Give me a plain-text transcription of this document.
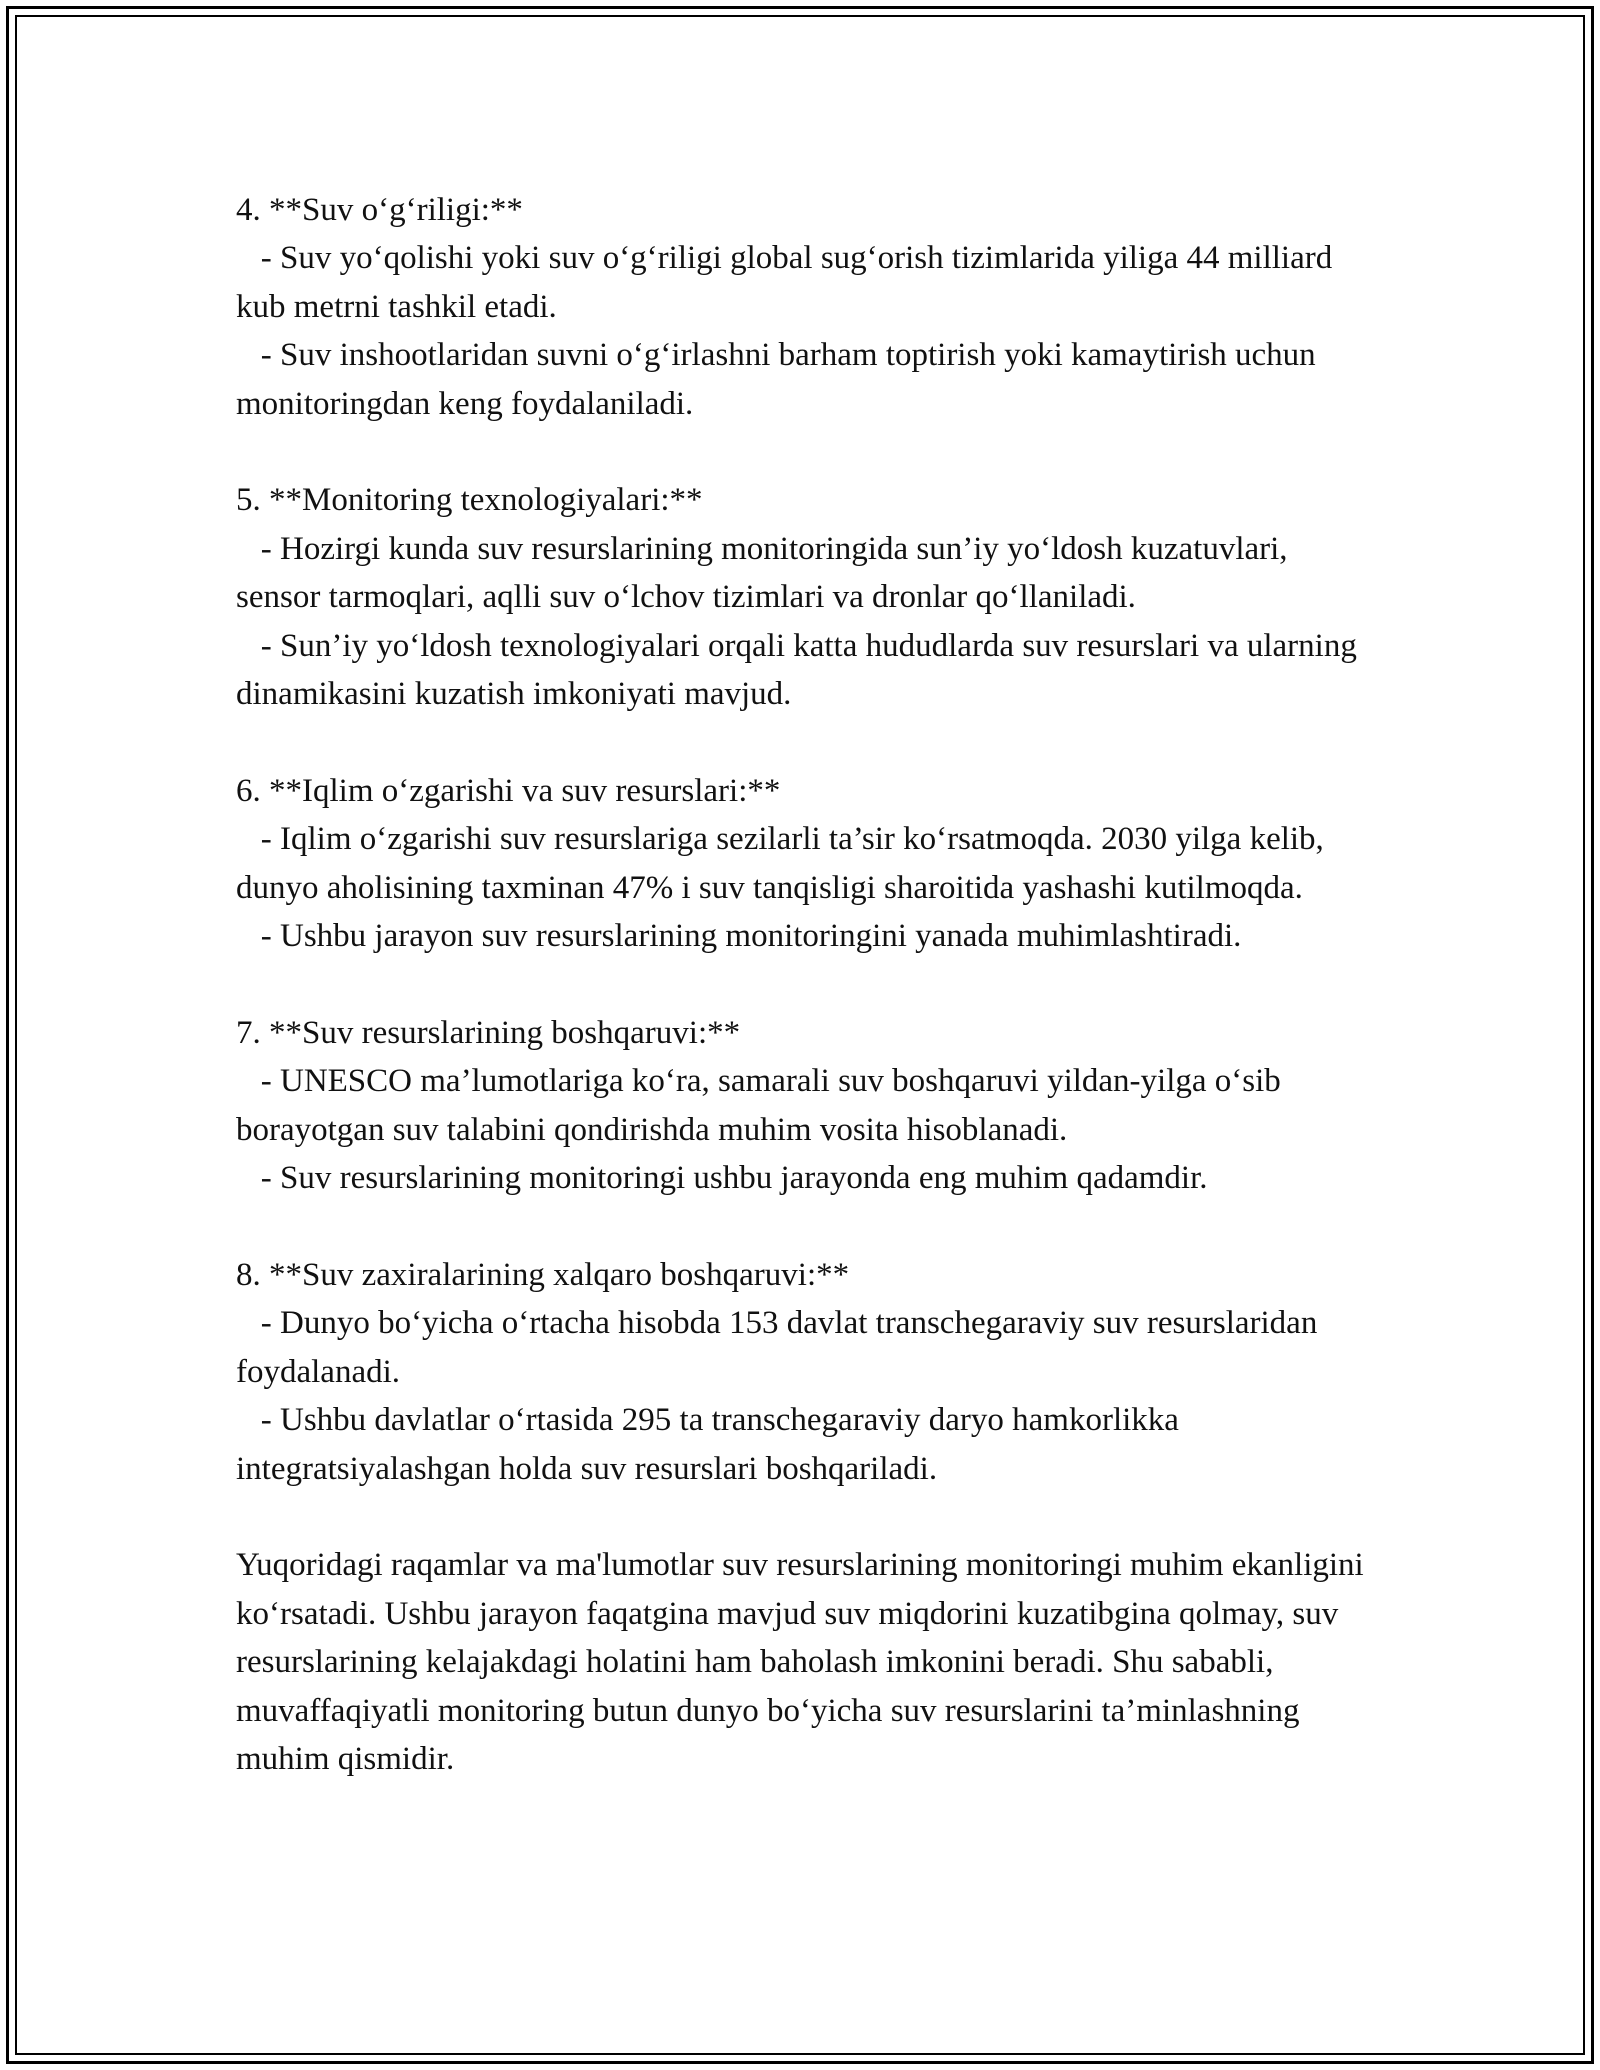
4. **Suv o‘g‘riligi:**

- Suv yo‘qolishi yoki suv o‘g‘riligi global sug‘orish tizimlarida yiliga 44 milliard kub metrni tashkil etadi.

- Suv inshootlaridan suvni o‘g‘irlashni barham toptirish yoki kamaytirish uchun monitoringdan keng foydalaniladi.

5. **Monitoring texnologiyalari:**

- Hozirgi kunda suv resurslarining monitoringida sun’iy yo‘ldosh kuzatuvlari, sensor tarmoqlari, aqlli suv o‘lchov tizimlari va dronlar qo‘llaniladi.

- Sun’iy yo‘ldosh texnologiyalari orqali katta hududlarda suv resurslari va ularning dinamikasini kuzatish imkoniyati mavjud.

6. **Iqlim o‘zgarishi va suv resurslari:**

- Iqlim o‘zgarishi suv resurslariga sezilarli ta’sir ko‘rsatmoqda. 2030 yilga kelib, dunyo aholisining taxminan 47% i suv tanqisligi sharoitida yashashi kutilmoqda.

- Ushbu jarayon suv resurslarining monitoringini yanada muhimlashtiradi.

7. **Suv resurslarining boshqaruvi:**

- UNESCO ma’lumotlariga ko‘ra, samarali suv boshqaruvi yildan-yilga o‘sib borayotgan suv talabini qondirishda muhim vosita hisoblanadi.

- Suv resurslarining monitoringi ushbu jarayonda eng muhim qadamdir.

8. **Suv zaxiralarining xalqaro boshqaruvi:**

- Dunyo bo‘yicha o‘rtacha hisobda 153 davlat transchegaraviy suv resurslaridan foydalanadi.

- Ushbu davlatlar o‘rtasida 295 ta transchegaraviy daryo hamkorlikka integratsiyalashgan holda suv resurslari boshqariladi.

Yuqoridagi raqamlar va ma'lumotlar suv resurslarining monitoringi muhim ekanligini ko‘rsatadi. Ushbu jarayon faqatgina mavjud suv miqdorini kuzatibgina qolmay, suv resurslarining kelajakdagi holatini ham baholash imkonini beradi. Shu sababli, muvaffaqiyatli monitoring butun dunyo bo‘yicha suv resurslarini ta’minlashning muhim qismidir.
